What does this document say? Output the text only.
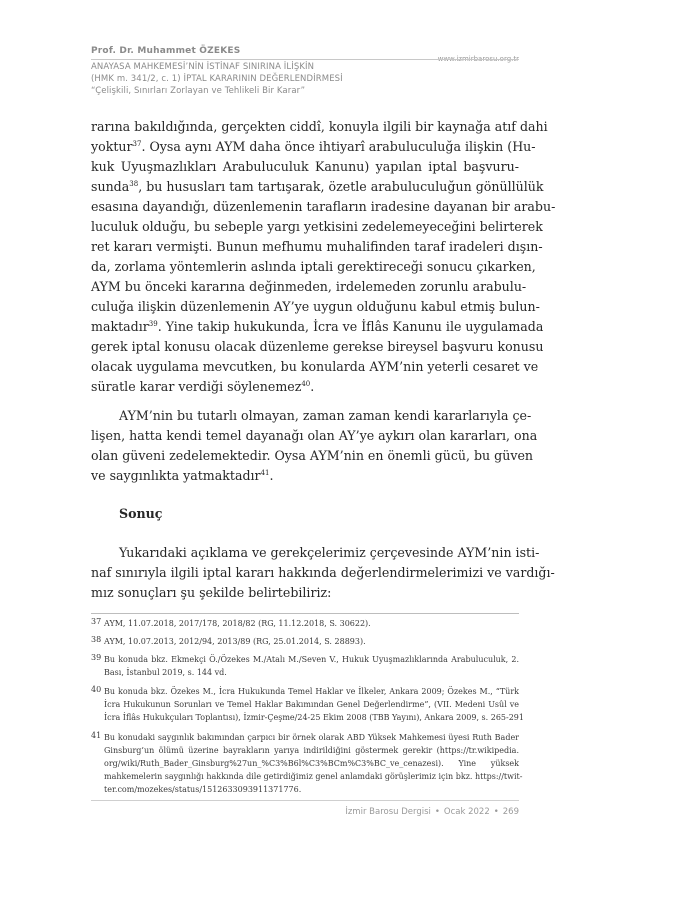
Prof. Dr. Muhammet ÖZEKES
www.izmirbarosu.org.tr
ANAYASA MAHKEMESİ’NİN İSTİNAF SINIRINA İLİŞKİN
(HMK m. 341/2, c. 1) İPTAL KARARININ DEĞERLENDİRMESİ
“Çelişkili, Sınırları Zorlayan ve Tehlikeli Bir Karar”
rarına bakıldığında, gerçekten ciddî, konuyla ilgili bir kaynağa atıf dahi
yoktur$^{37}$. Oysa aynı AYM daha önce ihtiyarî arabuluculuğa ilişkin (Hu-
kuk Uyuşmazlıkları Arabuluculuk Kanunu) yapılan iptal başvuru-
sunda$^{38}$, bu hususları tam tartışarak, özetle arabuluculuğun gönüllülük
esasına dayandığı, düzenlemenin tarafların iradesine dayanan bir arabu-
luculuk olduğu, bu sebeple yargı yetkisini zedelemeyeceğini belirterek
ret kararı vermişti. Bunun mefhumu muhalifinden taraf iradeleri dışın-
da, zorlama yöntemlerin aslında iptali gerektireceği sonucu çıkarken,
AYM bu önceki kararına değinmeden, irdelemeden zorunlu arabulu-
culuğa ilişkin düzenlemenin AY’ye uygun olduğunu kabul etmiş bulun-
maktadır$^{39}$. Yine takip hukukunda, İcra ve İflâs Kanunu ile uygulamada
gerek iptal konusu olacak düzenleme gerekse bireysel başvuru konusu
olacak uygulama mevcutken, bu konularda AYM’nin yeterli cesaret ve
süratle karar verdiği söylenemez$^{40}$.
AYM’nin bu tutarlı olmayan, zaman zaman kendi kararlarıyla çe-
lişen, hatta kendi temel dayanağı olan AY’ye aykırı olan kararları, ona
olan güveni zedelemektedir. Oysa AYM’nin en önemli gücü, bu güven
ve saygınlıkta yatmaktadır$^{41}$.
Sonuç
Yukarıdaki açıklama ve gerekçelerimiz çerçevesinde AYM’nin isti-
naf sınırıyla ilgili iptal kararı hakkında değerlendirmelerimizi ve vardığı-
mız sonuçları şu şekilde belirtebiliriz:
37 AYM, 11.07.2018, 2017/178, 2018/82 (RG, 11.12.2018, S. 30622).
38 AYM, 10.07.2013, 2012/94, 2013/89 (RG, 25.01.2014, S. 28893).
39 Bu konuda bkz. Ekmekçi Ö./Özekes M./Atalı M./Seven V., Hukuk Uyuşmazlıklarında Arabuluculuk, 2.
Bası, İstanbul 2019, s. 144 vd.
40 Bu konuda bkz. Özekes M., İcra Hukukunda Temel Haklar ve İlkeler, Ankara 2009; Özekes M., “Türk
İcra Hukukunun Sorunları ve Temel Haklar Bakımından Genel Değerlendirme”, (VII. Medeni Usûl ve
İcra İflâs Hukukçuları Toplantısı), İzmir-Çeşme/24-25 Ekim 2008 (TBB Yayını), Ankara 2009, s. 265-291
41 Bu konudaki saygınlık bakımından çarpıcı bir örnek olarak ABD Yüksek Mahkemesi üyesi Ruth Bader
Ginsburg’un ölümü üzerine bayrakların yarıya indirildiğini göstermek gerekir (https://tr.wikipedia.
org/wiki/Ruth_Bader_Ginsburg%27un_%C3%B6l%C3%BCm%C3%BC_ve_cenazesi). Yine yüksek
mahkemelerin saygınlığı hakkında dile getirdiğimiz genel anlamdaki görüşlerimiz için bkz. https://twit-
ter.com/mozekes/status/1512633093911371776.
İzmir Barosu Dergisi • Ocak 2022 • 269
